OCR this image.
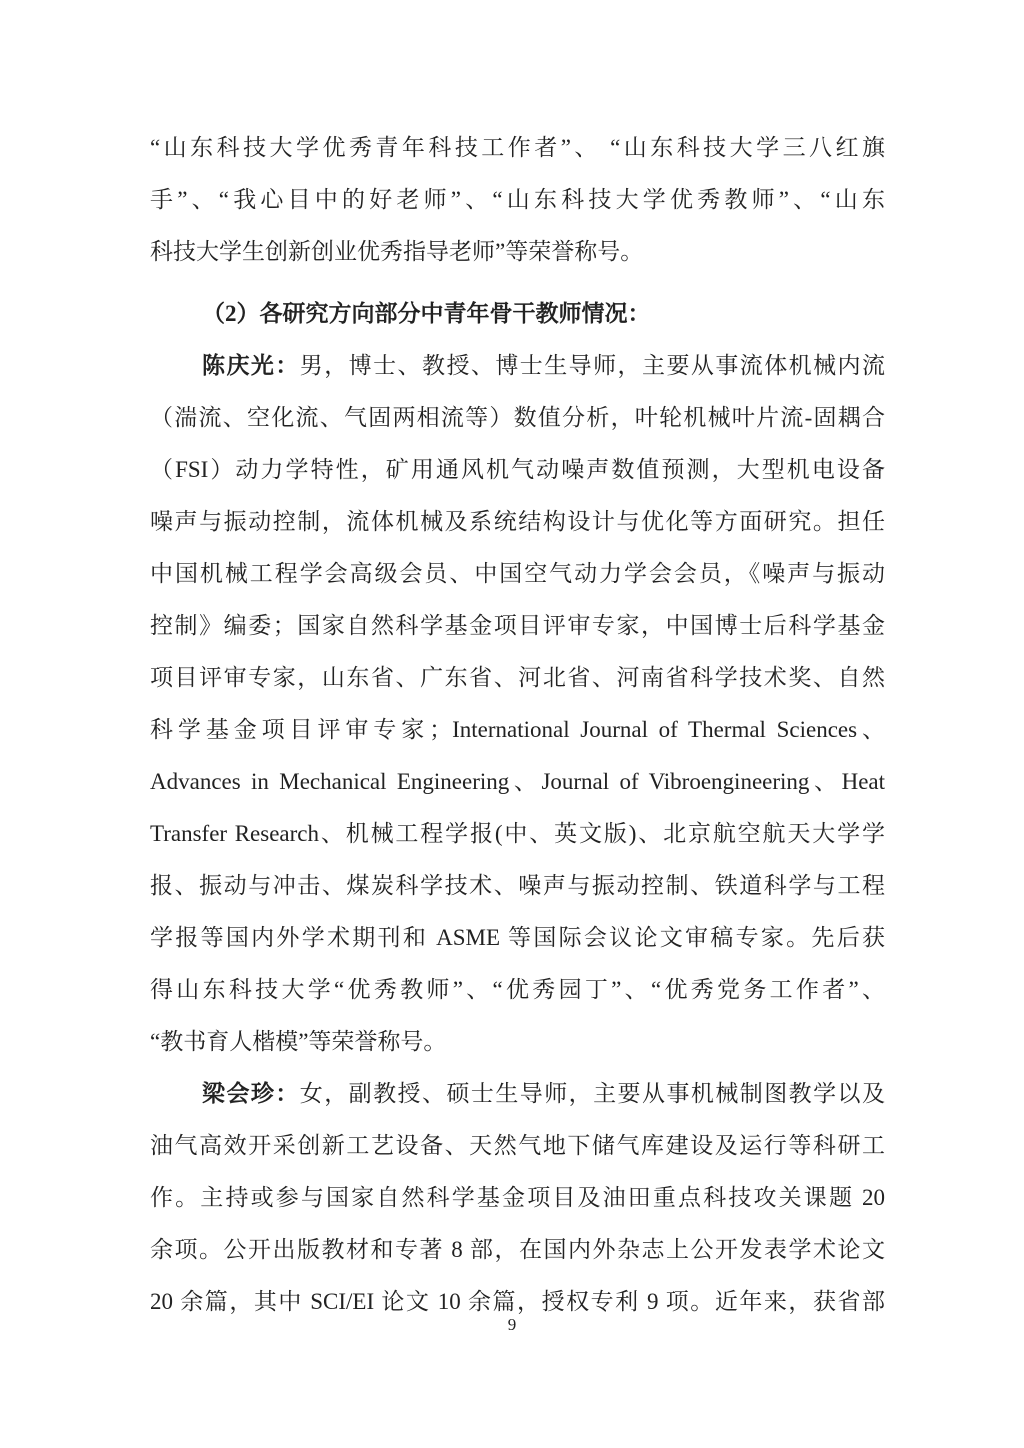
“山东科技大学优秀青年科技工作者”、 “山东科技大学三八红旗
手”、“我心目中的好老师”、“山东科技大学优秀教师”、“山东
科技大学生创新创业优秀指导老师”等荣誉称号。
（2）各研究方向部分中青年骨干教师情况：
陈庆光：男，博士、教授、博士生导师，主要从事流体机械内流
（湍流、空化流、气固两相流等）数值分析，叶轮机械叶片流-固耦合
（FSI）动力学特性，矿用通风机气动噪声数值预测，大型机电设备
噪声与振动控制，流体机械及系统结构设计与优化等方面研究。担任
中国机械工程学会高级会员、中国空气动力学会会员，《噪声与振动
控制》编委；国家自然科学基金项目评审专家，中国博士后科学基金
项目评审专家，山东省、广东省、河北省、河南省科学技术奖、自然
科学基金项目评审专家；International Journal of Thermal Sciences、
Advances in Mechanical Engineering、Journal of Vibroengineering、Heat
Transfer Research、机械工程学报(中、英文版)、北京航空航天大学学
报、振动与冲击、煤炭科学技术、噪声与振动控制、铁道科学与工程
学报等国内外学术期刊和 ASME 等国际会议论文审稿专家。先后获
得山东科技大学“优秀教师”、“优秀园丁”、“优秀党务工作者”、
“教书育人楷模”等荣誉称号。
梁会珍：女，副教授、硕士生导师，主要从事机械制图教学以及
油气高效开采创新工艺设备、天然气地下储气库建设及运行等科研工
作。主持或参与国家自然科学基金项目及油田重点科技攻关课题 20
余项。公开出版教材和专著 8 部，在国内外杂志上公开发表学术论文
20 余篇，其中 SCI/EI 论文 10 余篇，授权专利 9 项。近年来，获省部
9
